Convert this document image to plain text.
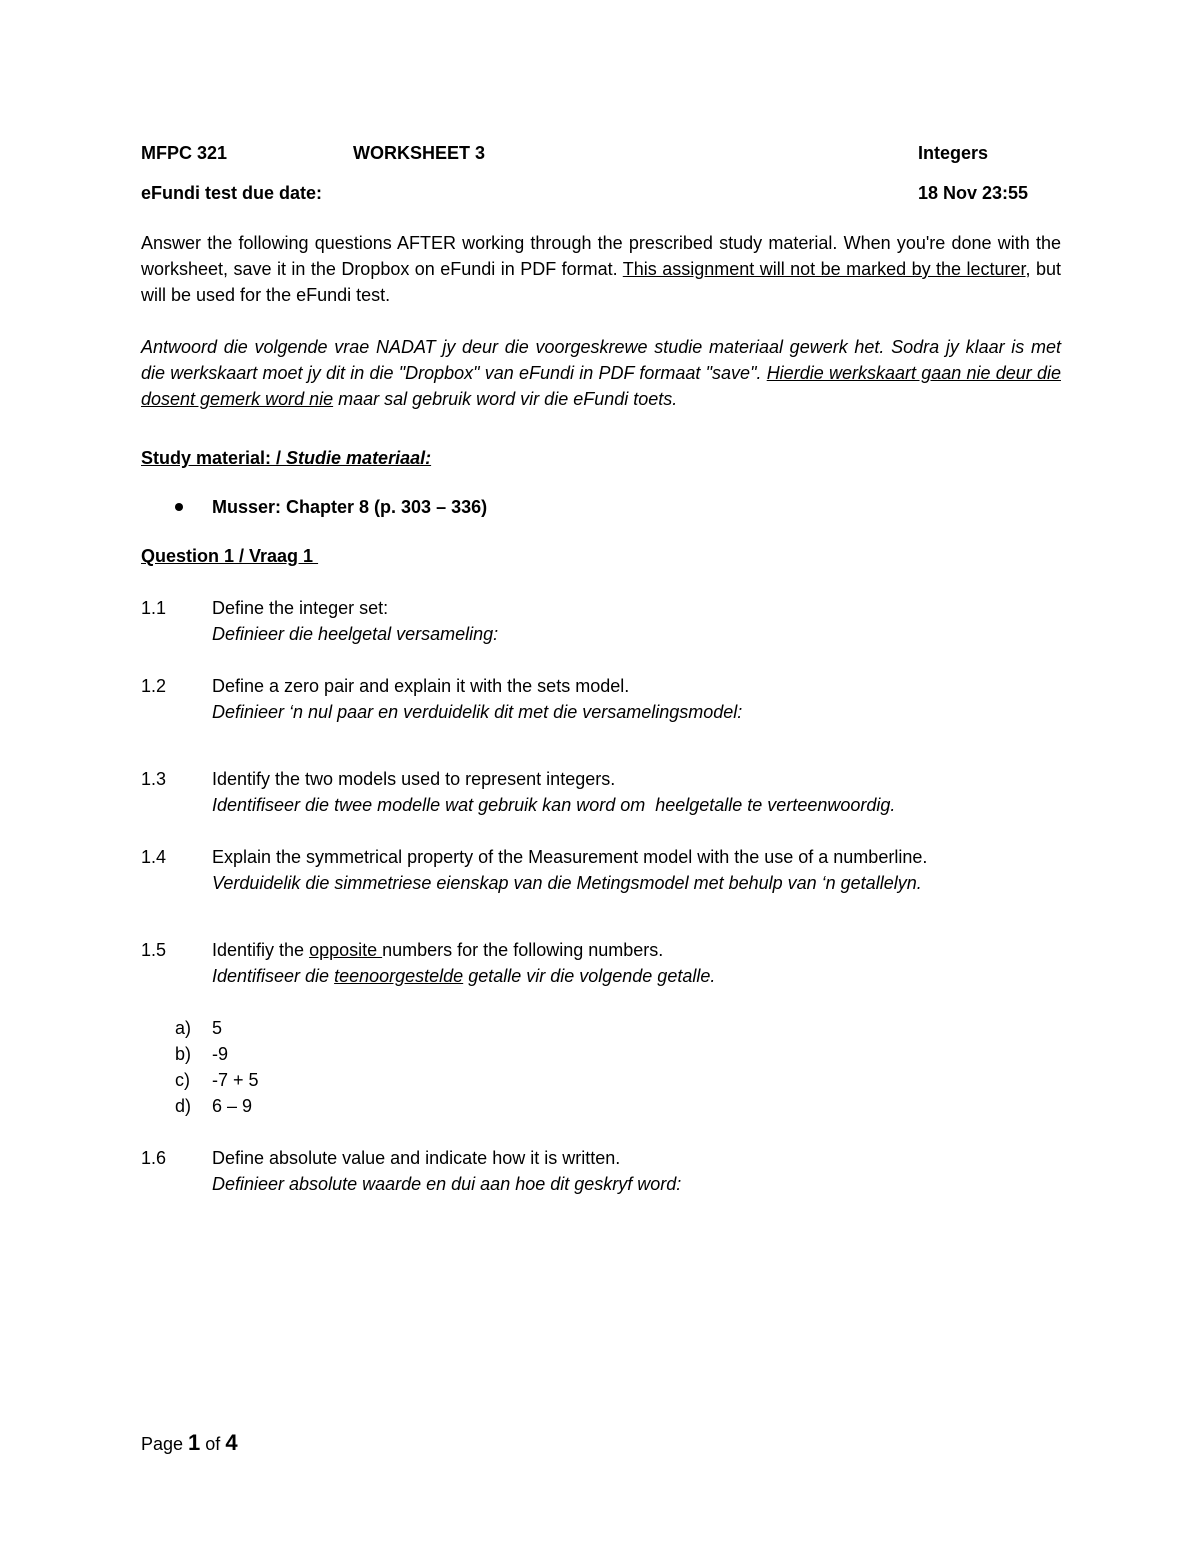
MFPC 321	WORKSHEET 3	Integers
eFundi test due date:	18 Nov 23:55

Answer the following questions AFTER working through the prescribed study material. When you're done with the worksheet, save it in the Dropbox on eFundi in PDF format. This assignment will not be marked by the lecturer, but will be used for the eFundi test.

Antwoord die volgende vrae NADAT jy deur die voorgeskrewe studie materiaal gewerk het. Sodra jy klaar is met die werkskaart moet jy dit in die "Dropbox" van eFundi in PDF formaat "save". Hierdie werkskaart gaan nie deur die dosent gemerk word nie maar sal gebruik word vir die eFundi toets.

Study material: / Studie materiaal:
Musser: Chapter 8 (p. 303 – 336)
Question 1 / Vraag 1
1.1	Define the integer set:
Definieer die heelgetal versameling:
1.2	Define a zero pair and explain it with the sets model.
Definieer ‘n nul paar en verduidelik dit met die versamelingsmodel:
1.3	Identify the two models used to represent integers.
Identifiseer die twee modelle wat gebruik kan word om  heelgetalle te verteenwoordig.
1.4	Explain the symmetrical property of the Measurement model with the use of a numberline.
Verduidelik die simmetriese eienskap van die Metingsmodel met behulp van ‘n getallelyn.
1.5	Identifiy the opposite numbers for the following numbers.
Identifiseer die teenoorgestelde getalle vir die volgende getalle.
a) 5
b) -9
c) -7 + 5
d) 6 – 9
1.6	Define absolute value and indicate how it is written.
Definieer absolute waarde en dui aan hoe dit geskryf word:
Page 1 of 4
